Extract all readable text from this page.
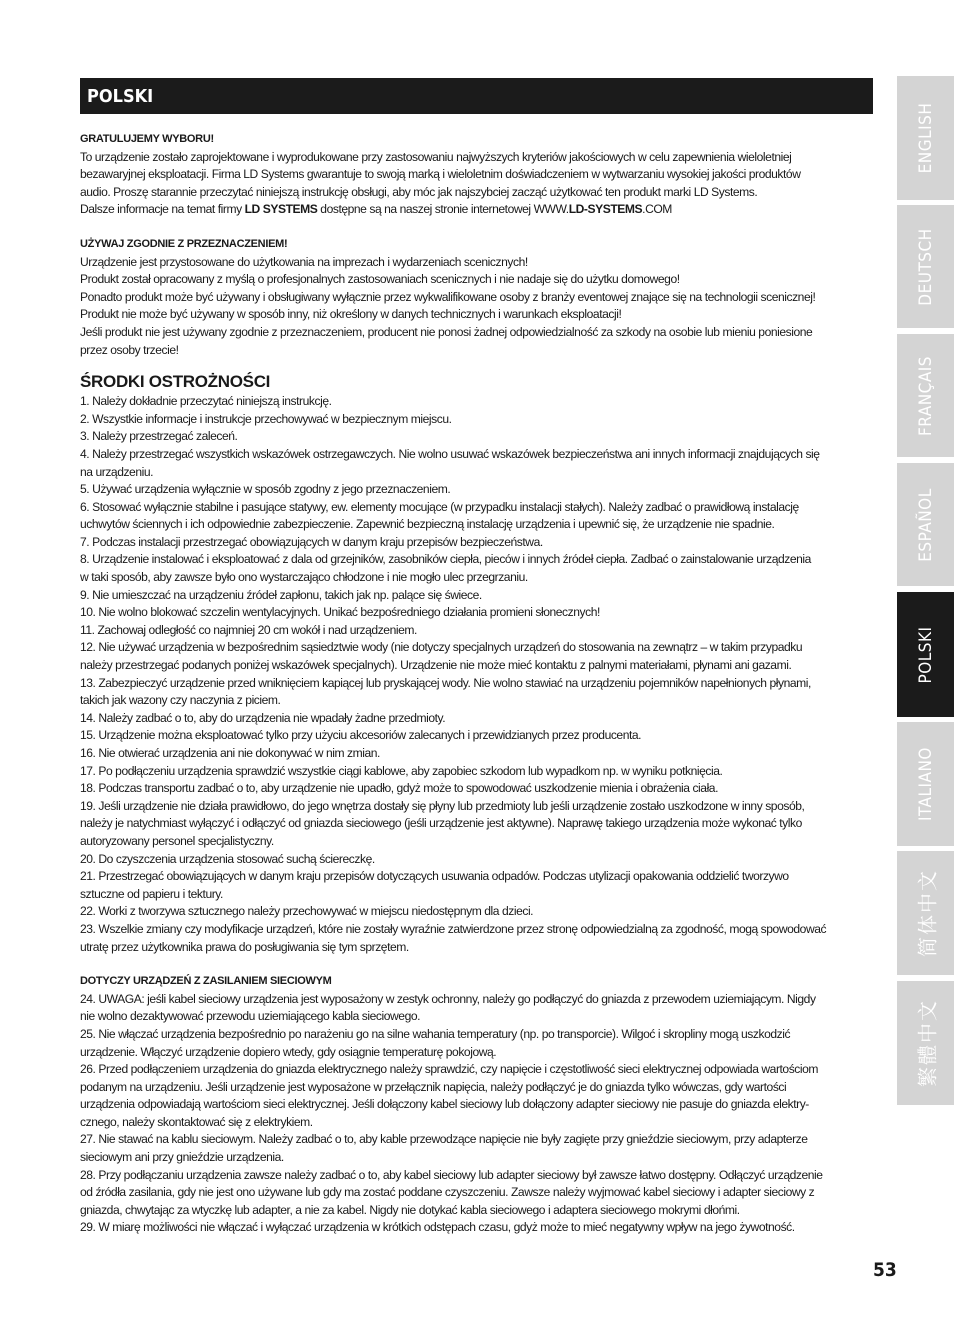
POLSKI

GRATULUJEMY WYBORU!

To urządzenie zostało zaprojektowane i wyprodukowane przy zastosowaniu najwyższych kryteriów jakościowych w celu zapewnienia wieloletniej

bezawaryjnej eksploatacji. Firma LD Systems gwarantuje to swoją marką i wieloletnim doświadczeniem w wytwarzaniu wysokiej jakości produktów

audio. Proszę starannie przeczytać niniejszą instrukcję obsługi, aby móc jak najszybciej zacząć użytkować ten produkt marki LD Systems.

Dalsze informacje na temat firmy LD SYSTEMS dostępne są na naszej stronie internetowej WWW.LD-SYSTEMS.COM

UŻYWAJ ZGODNIE Z PRZEZNACZENIEM!

Urządzenie jest przystosowane do użytkowania na imprezach i wydarzeniach scenicznych!

Produkt został opracowany z myślą o profesjonalnych zastosowaniach scenicznych i nie nadaje się do użytku domowego!

Ponadto produkt może być używany i obsługiwany wyłącznie przez wykwalifikowane osoby z branży eventowej znające się na technologii scenicznej!

Produkt nie może być używany w sposób inny, niż określony w danych technicznych i warunkach eksploatacji!

Jeśli produkt nie jest używany zgodnie z przeznaczeniem, producent nie ponosi żadnej odpowiedzialność za szkody na osobie lub mieniu poniesione

przez osoby trzecie!

ŚRODKI OSTROŻNOŚCI

1. Należy dokładnie przeczytać niniejszą instrukcję.

2. Wszystkie informacje i instrukcje przechowywać w bezpiecznym miejscu.

3. Należy przestrzegać zaleceń.

4. Należy przestrzegać wszystkich wskazówek ostrzegawczych. Nie wolno usuwać wskazówek bezpieczeństwa ani innych informacji znajdujących się

na urządzeniu.

5. Używać urządzenia wyłącznie w sposób zgodny z jego przeznaczeniem.

6. Stosować wyłącznie stabilne i pasujące statywy, ew. elementy mocujące (w przypadku instalacji stałych). Należy zadbać o prawidłową instalację

uchwytów ściennych i ich odpowiednie zabezpieczenie. Zapewnić bezpieczną instalację urządzenia i upewnić się, że urządzenie nie spadnie.

7. Podczas instalacji przestrzegać obowiązujących w danym kraju przepisów bezpieczeństwa.

8. Urządzenie instalować i eksploatować z dala od grzejników, zasobników ciepła, pieców i innych źródeł ciepła. Zadbać o zainstalowanie urządzenia

w taki sposób, aby zawsze było ono wystarczająco chłodzone i nie mogło ulec przegrzaniu.

9. Nie umieszczać na urządzeniu źródeł zapłonu, takich jak np. palące się świece.

10. Nie wolno blokować szczelin wentylacyjnych. Unikać bezpośredniego działania promieni słonecznych!

11. Zachowaj odległość co najmniej 20 cm wokół i nad urządzeniem.

12. Nie używać urządzenia w bezpośrednim sąsiedztwie wody (nie dotyczy specjalnych urządzeń do stosowania na zewnątrz – w takim przypadku

należy przestrzegać podanych poniżej wskazówek specjalnych). Urządzenie nie może mieć kontaktu z palnymi materiałami, płynami ani gazami.

13. Zabezpieczyć urządzenie przed wniknięciem kapiącej lub pryskającej wody. Nie wolno stawiać na urządzeniu pojemników napełnionych płynami,

takich jak wazony czy naczynia z piciem.

14. Należy zadbać o to, aby do urządzenia nie wpadały żadne przedmioty.

15. Urządzenie można eksploatować tylko przy użyciu akcesoriów zalecanych i przewidzianych przez producenta.

16. Nie otwierać urządzenia ani nie dokonywać w nim zmian.

17. Po podłączeniu urządzenia sprawdzić wszystkie ciągi kablowe, aby zapobiec szkodom lub wypadkom np. w wyniku potknięcia.

18. Podczas transportu zadbać o to, aby urządzenie nie upadło, gdyż może to spowodować uszkodzenie mienia i obrażenia ciała.

19. Jeśli urządzenie nie działa prawidłowo, do jego wnętrza dostały się płyny lub przedmioty lub jeśli urządzenie zostało uszkodzone w inny sposób,

należy je natychmiast wyłączyć i odłączyć od gniazda sieciowego (jeśli urządzenie jest aktywne). Naprawę takiego urządzenia może wykonać tylko

autoryzowany personel specjalistyczny.

20. Do czyszczenia urządzenia stosować suchą ściereczkę.

21. Przestrzegać obowiązujących w danym kraju przepisów dotyczących usuwania odpadów. Podczas utylizacji opakowania oddzielić tworzywo

sztuczne od papieru i tektury.

22. Worki z tworzywa sztucznego należy przechowywać w miejscu niedostępnym dla dzieci.

23. Wszelkie zmiany czy modyfikacje urządzeń, które nie zostały wyraźnie zatwierdzone przez stronę odpowiedzialną za zgodność, mogą spowodować

utratę przez użytkownika prawa do posługiwania się tym sprzętem.

DOTYCZY URZĄDZEŃ Z ZASILANIEM SIECIOWYM

24. UWAGA: jeśli kabel sieciowy urządzenia jest wyposażony w zestyk ochronny, należy go podłączyć do gniazda z przewodem uziemiającym. Nigdy

nie wolno dezaktywować przewodu uziemiającego kabla sieciowego.

25. Nie włączać urządzenia bezpośrednio po narażeniu go na silne wahania temperatury (np. po transporcie). Wilgoć i skropliny mogą uszkodzić

urządzenie. Włączyć urządzenie dopiero wtedy, gdy osiągnie temperaturę pokojową.

26. Przed podłączeniem urządzenia do gniazda elektrycznego należy sprawdzić, czy napięcie i częstotliwość sieci elektrycznej odpowiada wartościom

podanym na urządzeniu. Jeśli urządzenie jest wyposażone w przełącznik napięcia, należy podłączyć je do gniazda tylko wówczas, gdy wartości

urządzenia odpowiadają wartościom sieci elektrycznej. Jeśli dołączony kabel sieciowy lub dołączony adapter sieciowy nie pasuje do gniazda elektry-

cznego, należy skontaktować się z elektrykiem.

27. Nie stawać na kablu sieciowym. Należy zadbać o to, aby kable przewodzące napięcie nie były zagięte przy gnieździe sieciowym, przy adapterze

sieciowym ani przy gnieździe urządzenia.

28. Przy podłączaniu urządzenia zawsze należy zadbać o to, aby kabel sieciowy lub adapter sieciowy był zawsze łatwo dostępny. Odłączyć urządzenie

od źródła zasilania, gdy nie jest ono używane lub gdy ma zostać poddane czyszczeniu. Zawsze należy wyjmować kabel sieciowy i adapter sieciowy z

gniazda, chwytając za wtyczkę lub adapter, a nie za kabel. Nigdy nie dotykać kabla sieciowego i adaptera sieciowego mokrymi dłońmi.

29. W miarę możliwości nie włączać i wyłączać urządzenia w krótkich odstępach czasu, gdyż może to mieć negatywny wpływ na jego żywotność.

ENGLISH
DEUTSCH
FRANÇAIS
ESPAÑOL
POLSKI
ITALIANO
简体中文
繁體中文
53
